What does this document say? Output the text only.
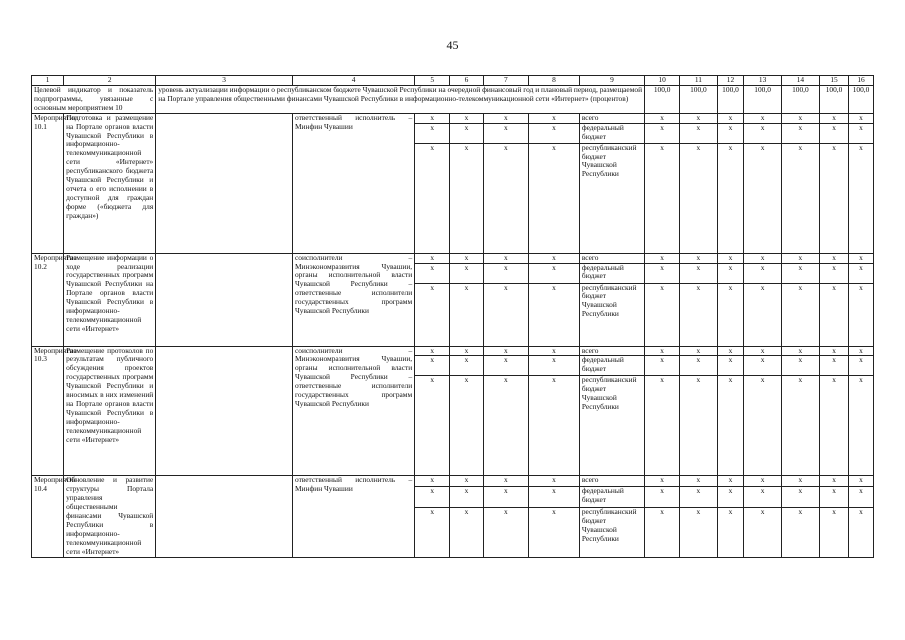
45
1	2	3	4	5	6	7	8	9	10	11	12	13	14	15	16
Целевой индикатор и показатель подпрограммы, увязанные с основным мероприятием 10		уровень актуализации информации о республиканском бюджете Чувашской Республики на очередной финансовый год и плановый период, размещаемой на Портале управления общественными финансами Чувашской Республики в информационно-телекоммуникационной сети «Интернет» (процентов)							100,0	100,0	100,0	100,0	100,0	100,0	100,0
Мероприятие 10.1	Подготовка и размещение на Портале органов власти Чувашской Республики в информационно-телекоммуникационной сети «Интернет» республиканского бюджета Чувашской Республики и отчета о его исполнении в доступной для граждан форме («бюджета для граждан»)		ответственный исполнитель – Минфин Чувашии	x	x	x	x	всего	x	x	x	x	x	x	x
				x	x	x	x	федеральный бюджет	x	x	x	x	x	x	x
				x	x	x	x	республиканский бюджет Чувашской Республики	x	x	x	x	x	x	x
Мероприятие 10.2	Размещение информации о ходе реализации государственных программ Чувашской Республики на Портале органов власти Чувашской Республики в информационно-телекоммуникационной сети «Интернет»		соисполнители – Минэкономразвития Чувашии, органы исполнительной власти Чувашской Республики – ответственные исполнители государственных программ Чувашской Республики	x	x	x	x	всего	x	x	x	x	x	x	x
				x	x	x	x	федеральный бюджет	x	x	x	x	x	x	x
				x	x	x	x	республиканский бюджет Чувашской Республики	x	x	x	x	x	x	x
Мероприятие 10.3	Размещение протоколов по результатам публичного обсуждения проектов государственных программ Чувашской Республики и вносимых в них изменений на Портале органов власти Чувашской Республики в информационно-телекоммуникационной сети «Интернет»		соисполнители – Минэкономразвития Чувашии, органы исполнительной власти Чувашской Республики – ответственные исполнители государственных программ Чувашской Республики	x	x	x	x	всего	x	x	x	x	x	x	x
				x	x	x	x	федеральный бюджет	x	x	x	x	x	x	x
				x	x	x	x	республиканский бюджет Чувашской Республики	x	x	x	x	x	x	x
Мероприятие 10.4	Обновление и развитие структуры Портала управления общественными финансами Чувашской Республики в информационно-телекоммуникационной сети «Интернет»		ответственный исполнитель – Минфин Чувашии	x	x	x	x	всего	x	x	x	x	x	x	x
				x	x	x	x	федеральный бюджет	x	x	x	x	x	x	x
				x	x	x	x	республиканский бюджет Чувашской Республики	x	x	x	x	x	x	x
